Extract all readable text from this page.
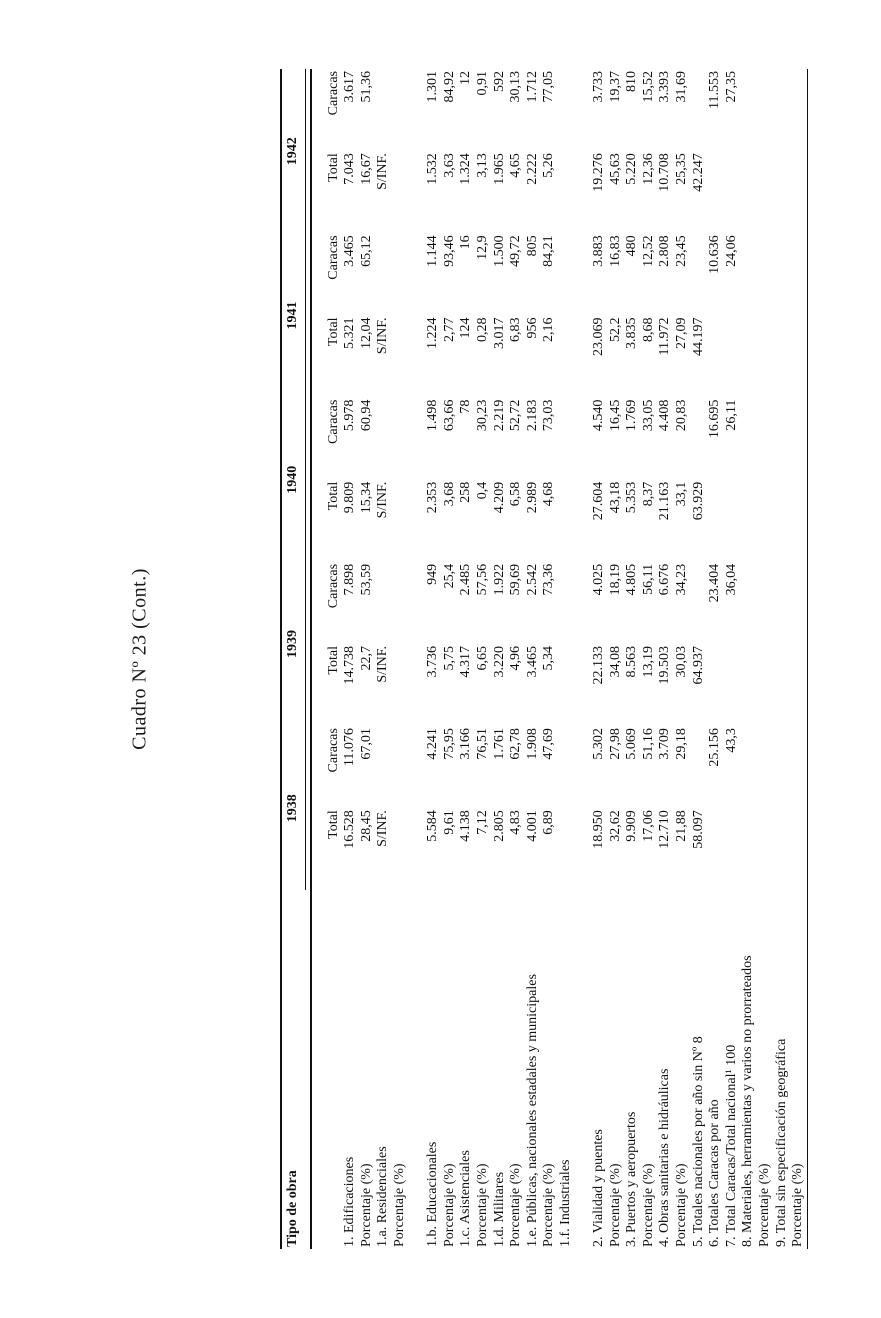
Cuadro Nº 23 (Cont.)
Tipo de obra	1938		1939		1940		1941		1942	

	Total	Caracas	Total	Caracas	Total	Caracas	Total	Caracas	Total	Caracas
1. Edificaciones	16.528	11.076	14.738	7.898	9.809	5.978	5.321	3.465	7.043	3.617
Porcentaje (%)	28,45	67,01	22,7	53,59	15,34	60,94	12,04	65,12	16,67	51,36
1.a. Residenciales	S/INF.		S/INF.		S/INF.		S/INF.		S/INF.	
Porcentaje (%)										

1.b. Educacionales	5.584	4.241	3.736	949	2.353	1.498	1.224	1.144	1.532	1.301
Porcentaje (%)	9,61	75,95	5,75	25,4	3,68	63,66	2,77	93,46	3,63	84,92
1.c. Asistenciales	4.138	3.166	4.317	2.485	258	78	124	16	1.324	12
Porcentaje (%)	7,12	76,51	6,65	57,56	0,4	30,23	0,28	12,9	3,13	0,91
1.d. Militares	2.805	1.761	3.220	1.922	4.209	2.219	3.017	1.500	1.965	592
Porcentaje (%)	4,83	62,78	4,96	59,69	6,58	52,72	6,83	49,72	4,65	30,13
1.e. Públicas, nacionales estadales y municipales	4.001	1.908	3.465	2.542	2.989	2.183	956	805	2.222	1.712
Porcentaje (%)	6,89	47,69	5,34	73,36	4,68	73,03	2,16	84,21	5,26	77,05
1.f. Industriales										

2. Vialidad y puentes	18.950	5.302	22.133	4.025	27.604	4.540	23.069	3.883	19.276	3.733
Porcentaje (%)	32,62	27,98	34,08	18,19	43,18	16,45	52,2	16,83	45,63	19,37
3. Puertos y aeropuertos	9.909	5.069	8.563	4.805	5.353	1.769	3.835	480	5.220	810
Porcentaje (%)	17,06	51,16	13,19	56,11	8,37	33,05	8,68	12,52	12,36	15,52
4. Obras sanitarias e hidráulicas	12.710	3.709	19.503	6.676	21.163	4.408	11.972	2.808	10.708	3.393
Porcentaje (%)	21,88	29,18	30,03	34,23	33,1	20,83	27,09	23,45	25,35	31,69
5. Totales nacionales por año sin Nº 8	58.097		64.937		63.929		44.197		42.247	
6. Totales Caracas por año		25.156		23.404		16.695		10.636		11.553
7. Total Caracas/Total nacional¹ 100		43,3		36,04		26,11		24,06		27,35
8. Materiales, herramientas y varios no prorrateados										
Porcentaje (%)										
9. Total sin especificación geográfica										
Porcentaje (%)										
